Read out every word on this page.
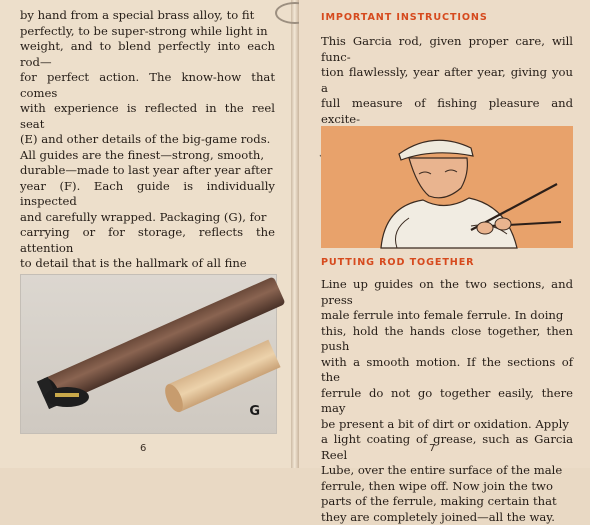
by hand from a special brass alloy, to fit
perfectly, to be super-strong while light in
weight, and to blend perfectly into each rod—
for perfect action. The know-how that comes
with experience is reflected in the reel seat
(E) and other details of the big-game rods.
All guides are the finest—strong, smooth,
durable—made to last year after year after
year (F). Each guide is individually inspected
and carefully wrapped. Packaging (G), for
carrying or for storage, reflects the attention
to detail that is the hallmark of all fine
G
6
IMPORTANT INSTRUCTIONS
This Garcia rod, given proper care, will func-
tion flawlessly, year after year, giving you a
full measure of fishing pleasure and excite-
PUTTING ROD TOGETHER
Line up guides on the two sections, and press
male ferrule into female ferrule. In doing
this, hold the hands close together, then push
with a smooth motion. If the sections of the
ferrule do not go together easily, there may
be present a bit of dirt or oxidation. Apply
a light coating of grease, such as Garcia Reel
Lube, over the entire surface of the male
ferrule, then wipe off. Now join the two
parts of the ferrule, making certain that
they are completely joined—all the way.
7
